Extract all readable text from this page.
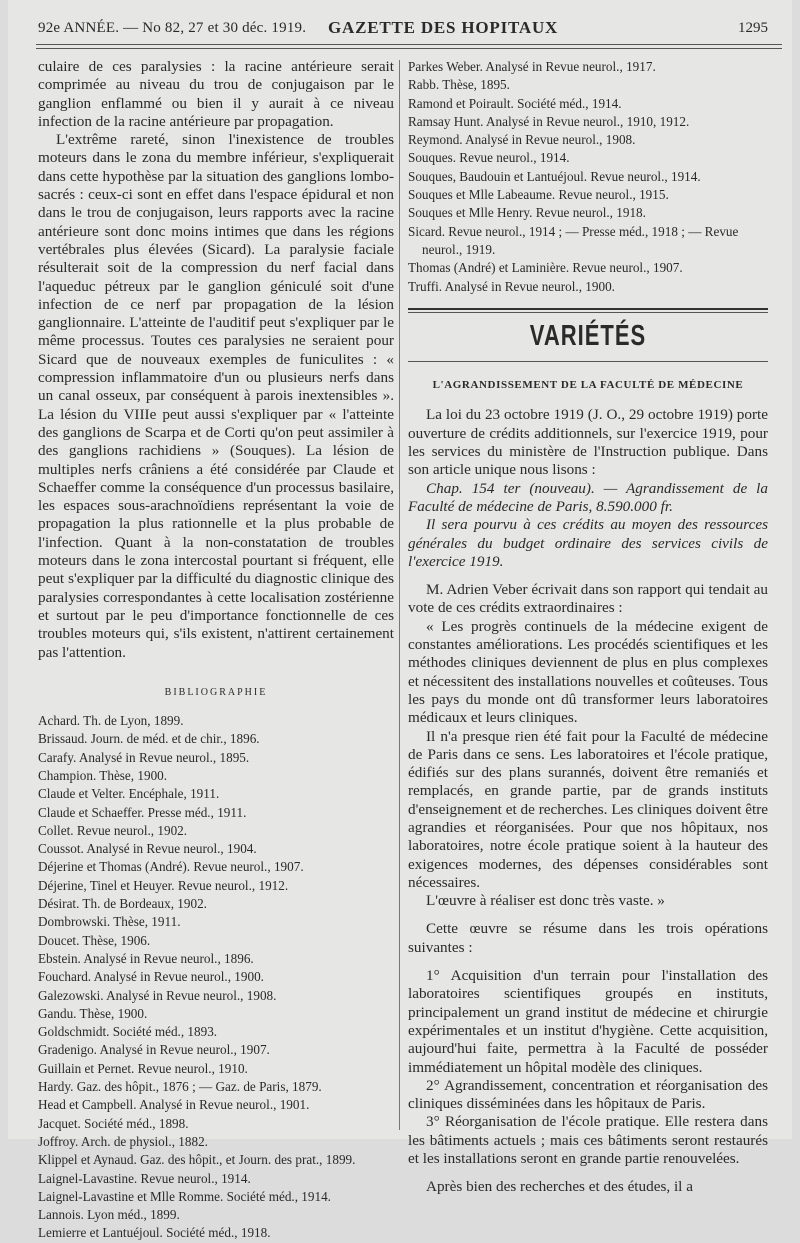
92e ANNÉE. — No 82, 27 et 30 déc. 1919. GAZETTE DES HOPITAUX	1295

culaire de ces paralysies : la racine antérieure serait comprimée au niveau du trou de conjugaison par le ganglion enflammé ou bien il y aurait à ce niveau infection de la racine antérieure par propagation.

L'extrême rareté, sinon l'inexistence de troubles moteurs dans le zona du membre inférieur, s'expliquerait dans cette hypothèse par la situation des ganglions lombo-sacrés : ceux-ci sont en effet dans l'espace épidural et non dans le trou de conjugaison, leurs rapports avec la racine antérieure sont donc moins intimes que dans les régions vertébrales plus élevées (Sicard). La paralysie faciale résulterait soit de la compression du nerf facial dans l'aqueduc pétreux par le ganglion géniculé soit d'une infection de ce nerf par propagation de la lésion ganglionnaire. L'atteinte de l'auditif peut s'expliquer par le même processus. Toutes ces paralysies ne seraient pour Sicard que de nouveaux exemples de funiculites : « compression inflammatoire d'un ou plusieurs nerfs dans un canal osseux, par conséquent à parois inextensibles ». La lésion du VIIIe peut aussi s'expliquer par « l'atteinte des ganglions de Scarpa et de Corti qu'on peut assimiler à des ganglions rachidiens » (Souques). La lésion de multiples nerfs crâniens a été considérée par Claude et Schaeffer comme la conséquence d'un processus basilaire, les espaces sous-arachnoïdiens représentant la voie de propagation la plus rationnelle et la plus probable de l'infection. Quant à la non-constatation de troubles moteurs dans le zona intercostal pourtant si fréquent, elle peut s'expliquer par la difficulté du diagnostic clinique des paralysies correspondantes à cette localisation zostérienne et surtout par le peu d'importance fonctionnelle de ces troubles moteurs qui, s'ils existent, n'attirent certainement pas l'attention.

BIBLIOGRAPHIE
Achard. Th. de Lyon, 1899.
Brissaud. Journ. de méd. et de chir., 1896.
Carafy. Analysé in Revue neurol., 1895.
Champion. Thèse, 1900.
Claude et Velter. Encéphale, 1911.
Claude et Schaeffer. Presse méd., 1911.
Collet. Revue neurol., 1902.
Coussot. Analysé in Revue neurol., 1904.
Déjerine et Thomas (André). Revue neurol., 1907.
Déjerine, Tinel et Heuyer. Revue neurol., 1912.
Désirat. Th. de Bordeaux, 1902.
Dombrowski. Thèse, 1911.
Doucet. Thèse, 1906.
Ebstein. Analysé in Revue neurol., 1896.
Fouchard. Analysé in Revue neurol., 1900.
Galezowski. Analysé in Revue neurol., 1908.
Gandu. Thèse, 1900.
Goldschmidt. Société méd., 1893.
Gradenigo. Analysé in Revue neurol., 1907.
Guillain et Pernet. Revue neurol., 1910.
Hardy. Gaz. des hôpit., 1876 ; — Gaz. de Paris, 1879.
Head et Campbell. Analysé in Revue neurol., 1901.
Jacquet. Société méd., 1898.
Joffroy. Arch. de physiol., 1882.
Klippel et Aynaud. Gaz. des hôpit., et Journ. des prat., 1899.
Laignel-Lavastine. Revue neurol., 1914.
Laignel-Lavastine et Mlle Romme. Société méd., 1914.
Lannois. Lyon méd., 1899.
Lemierre et Lantuéjoul. Société méd., 1918.
Parkes Weber. Analysé in Revue neurol., 1917.
Rabb. Thèse, 1895.
Ramond et Poirault. Société méd., 1914.
Ramsay Hunt. Analysé in Revue neurol., 1910, 1912.
Reymond. Analysé in Revue neurol., 1908.
Souques. Revue neurol., 1914.
Souques, Baudouin et Lantuéjoul. Revue neurol., 1914.
Souques et Mlle Labeaume. Revue neurol., 1915.
Souques et Mlle Henry. Revue neurol., 1918.
Sicard. Revue neurol., 1914 ; — Presse méd., 1918 ; — Revue
neurol., 1919.
Thomas (André) et Laminière. Revue neurol., 1907.
Truffi. Analysé in Revue neurol., 1900.
VARIÉTÉS
L'AGRANDISSEMENT DE LA FACULTÉ DE MÉDECINE

La loi du 23 octobre 1919 (J. O., 29 octobre 1919) porte ouverture de crédits additionnels, sur l'exercice 1919, pour les services du ministère de l'Instruction publique. Dans son article unique nous lisons :

Chap. 154 ter (nouveau). — Agrandissement de la Faculté de médecine de Paris, 8.590.000 fr.

Il sera pourvu à ces crédits au moyen des ressources générales du budget ordinaire des services civils de l'exercice 1919.

M. Adrien Veber écrivait dans son rapport qui tendait au vote de ces crédits extraordinaires :

« Les progrès continuels de la médecine exigent de constantes améliorations. Les procédés scientifiques et les méthodes cliniques deviennent de plus en plus complexes et nécessitent des installations nouvelles et coûteuses. Tous les pays du monde ont dû transformer leurs laboratoires médicaux et leurs cliniques.

Il n'a presque rien été fait pour la Faculté de médecine de Paris dans ce sens. Les laboratoires et l'école pratique, édifiés sur des plans surannés, doivent être remaniés et remplacés, en grande partie, par de grands instituts d'enseignement et de recherches. Les cliniques doivent être agrandies et réorganisées. Pour que nos hôpitaux, nos laboratoires, notre école pratique soient à la hauteur des exigences modernes, des dépenses considérables sont nécessaires.

L'œuvre à réaliser est donc très vaste. »

Cette œuvre se résume dans les trois opérations suivantes :

1° Acquisition d'un terrain pour l'installation des laboratoires scientifiques groupés en instituts, principalement un grand institut de médecine et chirurgie expérimentales et un institut d'hygiène. Cette acquisition, aujourd'hui faite, permettra à la Faculté de posséder immédiatement un hôpital modèle des cliniques.

2° Agrandissement, concentration et réorganisation des cliniques disséminées dans les hôpitaux de Paris.

3° Réorganisation de l'école pratique. Elle restera dans les bâtiments actuels ; mais ces bâtiments seront restaurés et les installations seront en grande partie renouvelées.

Après bien des recherches et des études, il a
